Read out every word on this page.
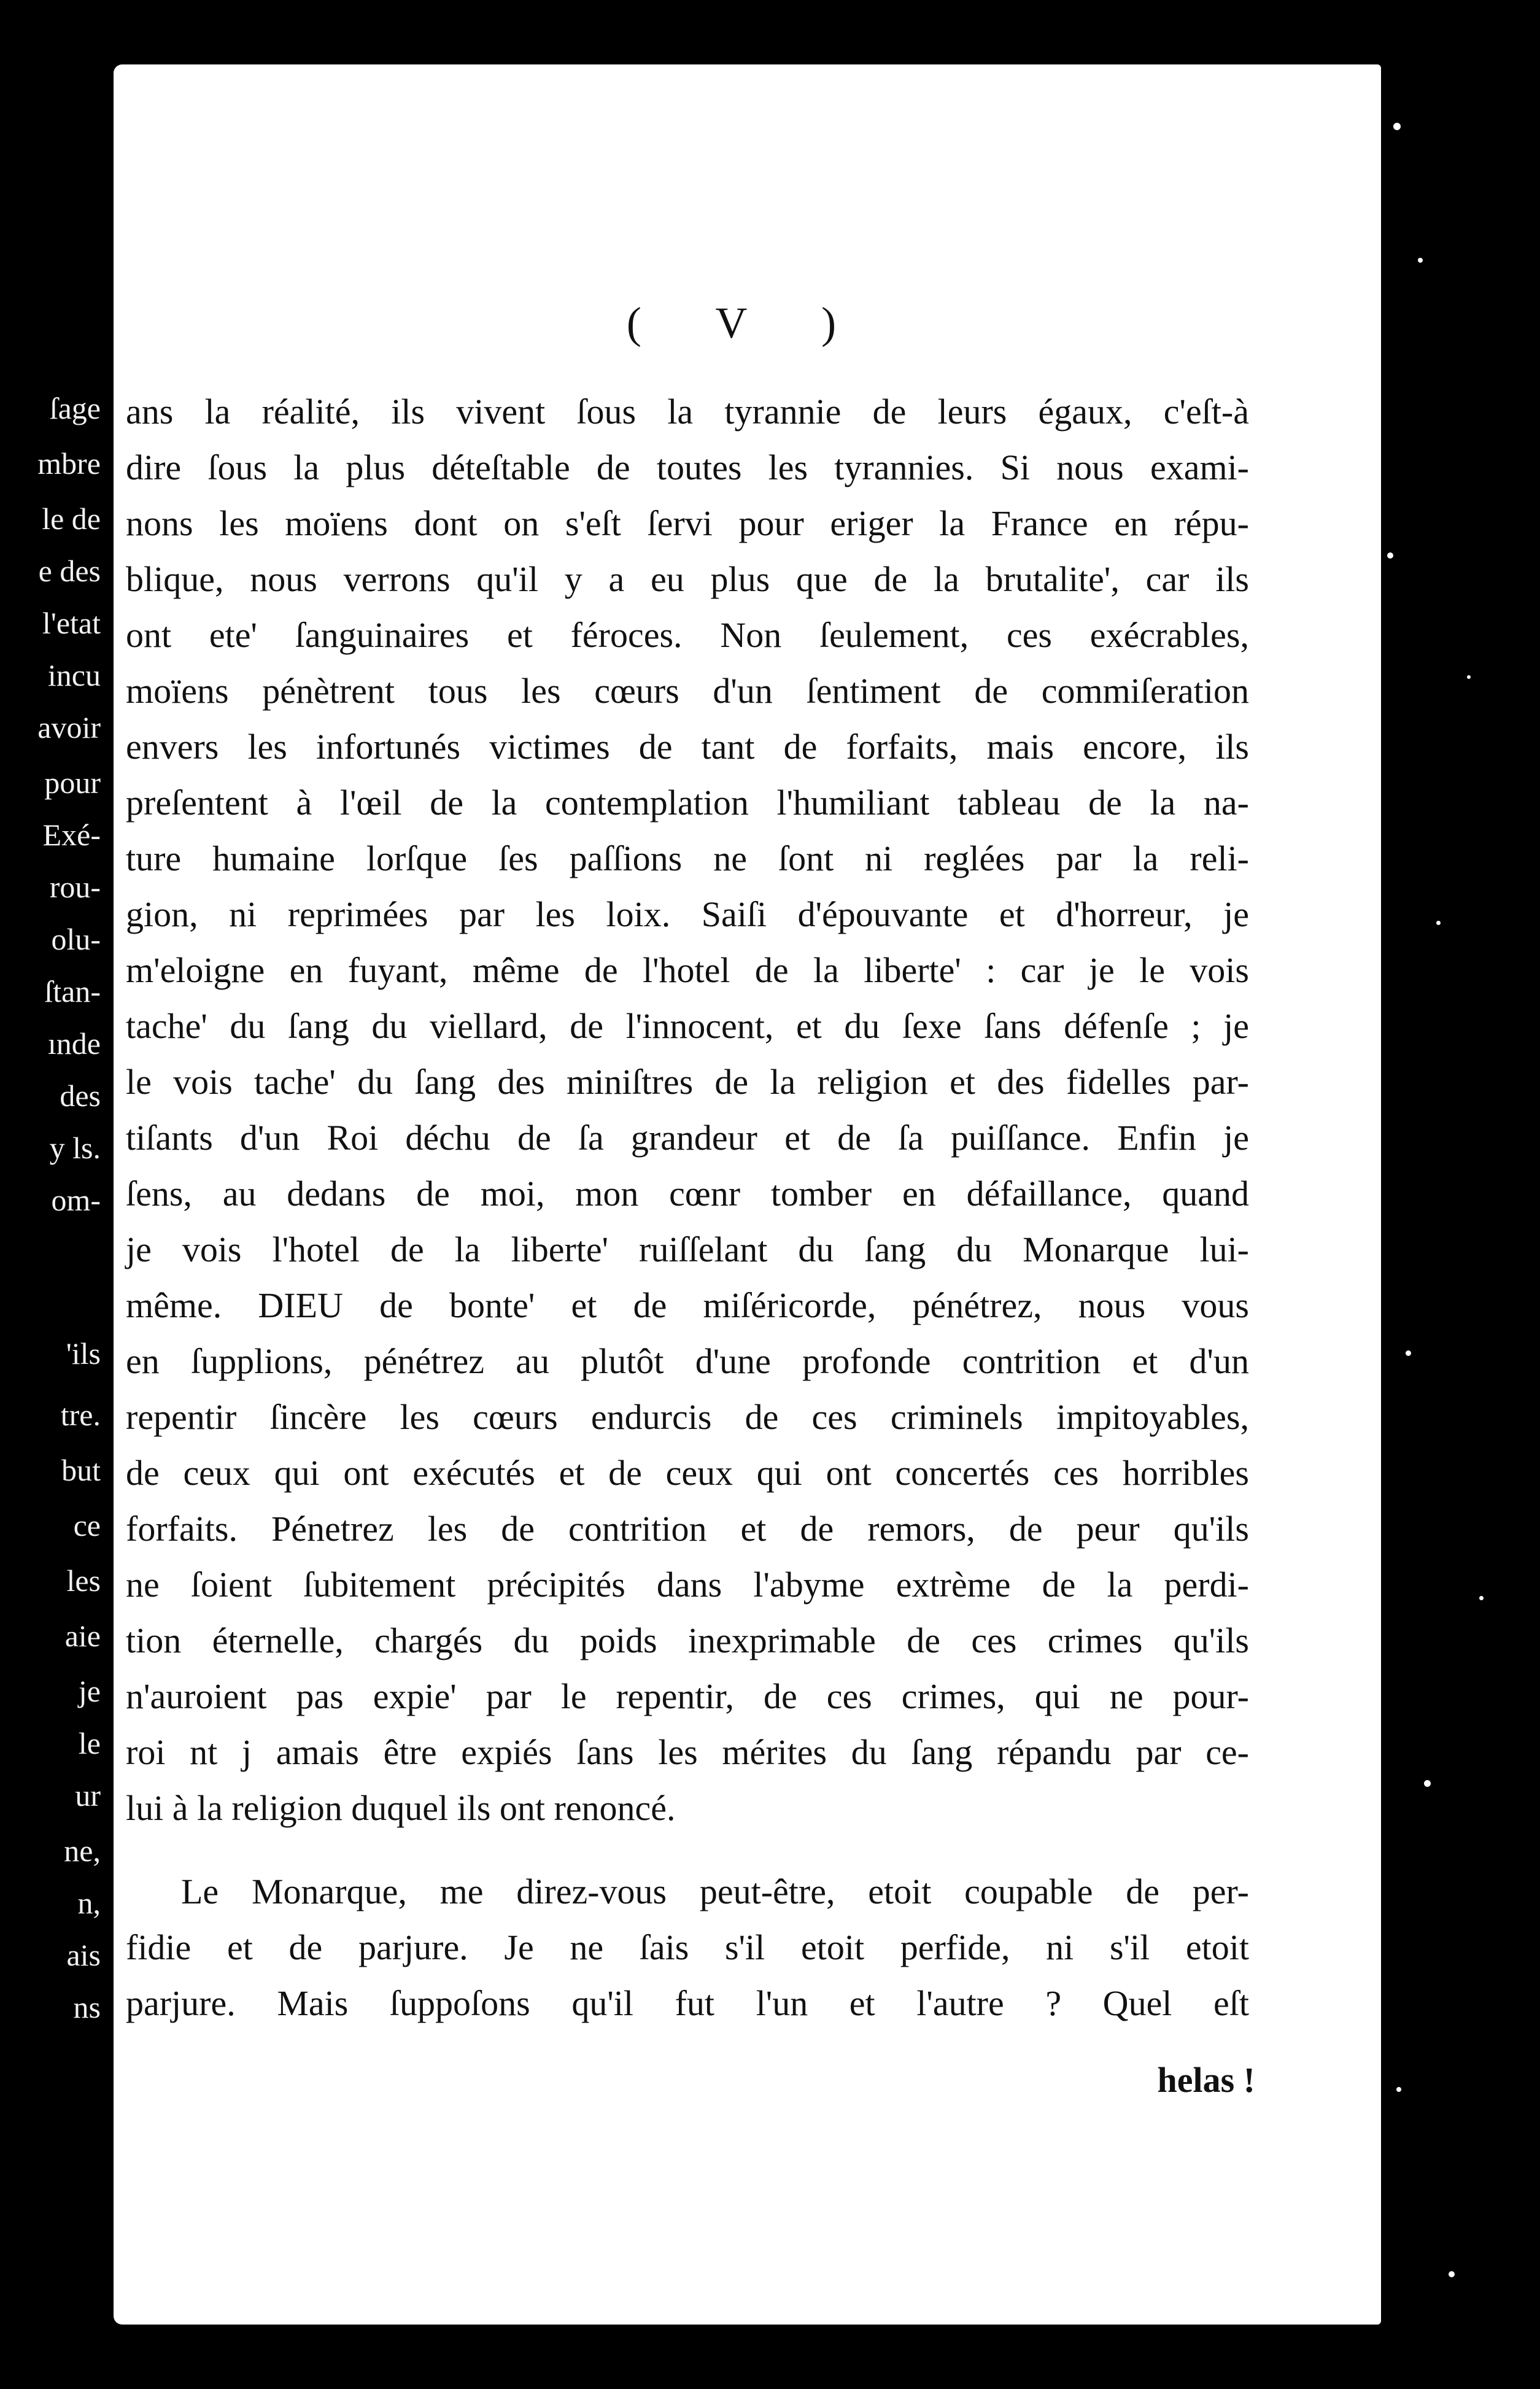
ſage
mbre
le de
e des
l'etat
incu
avoir
pour
Exé-
rou-
olu-
ſtan-
ınde
des
y ls.
om-
'ils
tre.
but
ce
les
aie
je
le
ur
ne,
n,
ais
ns
( V )
ans la réalité, ils vivent ſous la tyrannie de leurs égaux, c'eſt-à
dire ſous la plus déteſtable de toutes les tyrannies. Si nous exami-
nons les moïens dont on s'eſt ſervi pour eriger la France en répu-
blique, nous verrons qu'il y a eu plus que de la brutalite', car ils
ont ete' ſanguinaires et féroces. Non ſeulement, ces exécrables,
moïens pénètrent tous les cœurs d'un ſentiment de commiſeration
envers les infortunés victimes de tant de forfaits, mais encore, ils
preſentent à l'œil de la contemplation l'humiliant tableau de la na-
ture humaine lorſque ſes paſſions ne ſont ni reglées par la reli-
gion, ni reprimées par les loix. Saiſi d'épouvante et d'horreur, je
m'eloigne en fuyant, même de l'hotel de la liberte' : car je le vois
tache' du ſang du viellard, de l'innocent, et du ſexe ſans défenſe ; je
le vois tache' du ſang des miniſtres de la religion et des fidelles par-
tiſants d'un Roi déchu de ſa grandeur et de ſa puiſſance. Enfin je
ſens, au dedans de moi, mon cœnr tomber en défaillance, quand
je vois l'hotel de la liberte' ruiſſelant du ſang du Monarque lui-
même. DIEU de bonte' et de miſéricorde, pénétrez, nous vous
en ſupplions, pénétrez au plutôt d'une profonde contrition et d'un
repentir ſincère les cœurs endurcis de ces criminels impitoyables,
de ceux qui ont exécutés et de ceux qui ont concertés ces horribles
forfaits. Pénetrez les de contrition et de remors, de peur qu'ils
ne ſoient ſubitement précipités dans l'abyme extrème de la perdi-
tion éternelle, chargés du poids inexprimable de ces crimes qu'ils
n'auroient pas expie' par le repentir, de ces crimes, qui ne pour-
roi nt j amais être expiés ſans les mérites du ſang répandu par ce-
lui à la religion duquel ils ont renoncé.
Le Monarque, me direz-vous peut-être, etoit coupable de per-
fidie et de parjure. Je ne ſais s'il etoit perfide, ni s'il etoit
parjure. Mais ſuppoſons qu'il fut l'un et l'autre ? Quel eſt
helas !
